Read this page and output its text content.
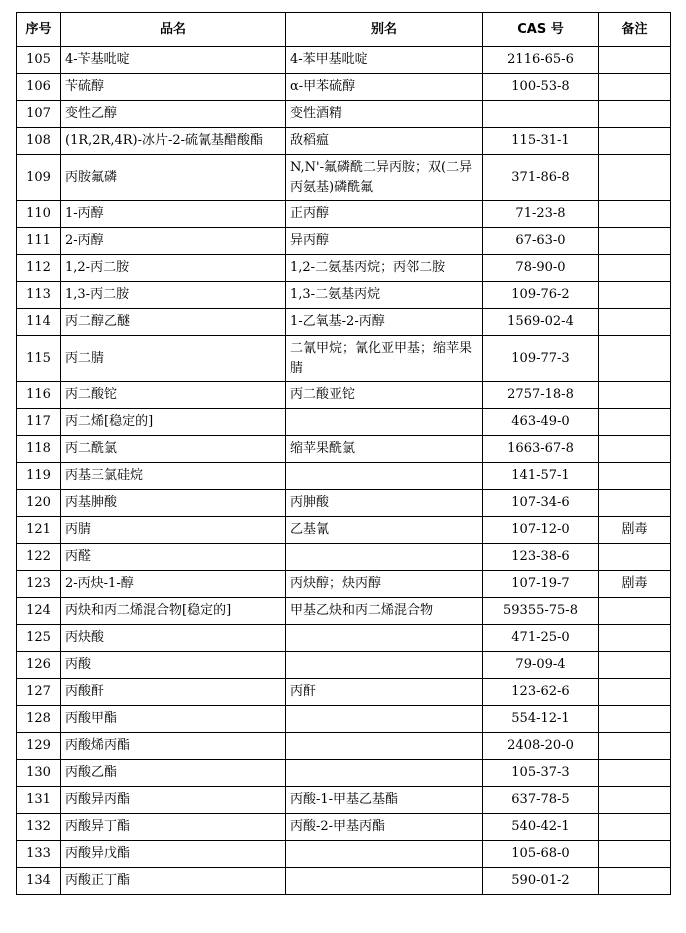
序号	品名	别名	CAS 号	备注
105	4-苄基吡啶	4-苯甲基吡啶	2116-65-6	
106	苄硫醇	α-甲苯硫醇	100-53-8	
107	变性乙醇	变性酒精		
108	(1R,2R,4R)-冰片-2-硫氰基醋酸酯	敌稻瘟	115-31-1	
109	丙胺氟磷	N,N'-氟磷酰二异丙胺；双(二异丙氨基)磷酰氟	371-86-8	
110	1-丙醇	正丙醇	71-23-8	
111	2-丙醇	异丙醇	67-63-0	
112	1,2-丙二胺	1,2-二氨基丙烷；丙邻二胺	78-90-0	
113	1,3-丙二胺	1,3-二氨基丙烷	109-76-2	
114	丙二醇乙醚	1-乙氧基-2-丙醇	1569-02-4	
115	丙二腈	二氰甲烷；氰化亚甲基；缩苹果腈	109-77-3	
116	丙二酸铊	丙二酸亚铊	2757-18-8	
117	丙二烯[稳定的]		463-49-0	
118	丙二酰氯	缩苹果酰氯	1663-67-8	
119	丙基三氯硅烷		141-57-1	
120	丙基胂酸	丙胂酸	107-34-6	
121	丙腈	乙基氰	107-12-0	剧毒
122	丙醛		123-38-6	
123	2-丙炔-1-醇	丙炔醇；炔丙醇	107-19-7	剧毒
124	丙炔和丙二烯混合物[稳定的]	甲基乙炔和丙二烯混合物	59355-75-8	
125	丙炔酸		471-25-0	
126	丙酸		79-09-4	
127	丙酸酐	丙酐	123-62-6	
128	丙酸甲酯		554-12-1	
129	丙酸烯丙酯		2408-20-0	
130	丙酸乙酯		105-37-3	
131	丙酸异丙酯	丙酸-1-甲基乙基酯	637-78-5	
132	丙酸异丁酯	丙酸-2-甲基丙酯	540-42-1	
133	丙酸异戊酯		105-68-0	
134	丙酸正丁酯		590-01-2	
